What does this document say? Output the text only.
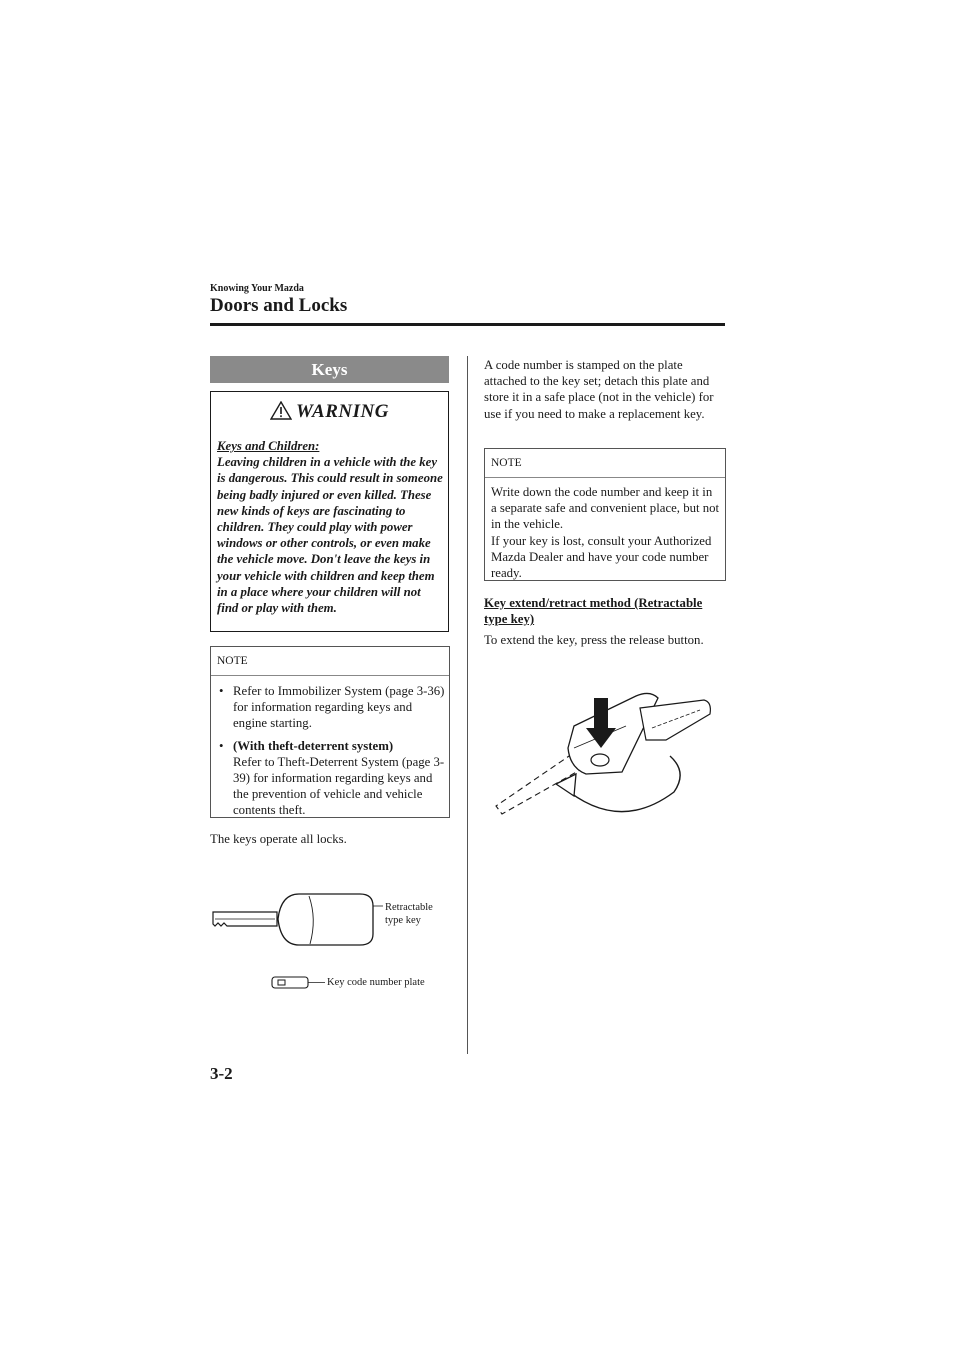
Knowing Your Mazda
Doors and Locks
Keys
WARNING
Keys and Children:
Leaving children in a vehicle with the key is dangerous. This could result in someone being badly injured or even killed. These new kinds of keys are fascinating to children. They could play with power windows or other controls, or even make the vehicle move. Don't leave the keys in your vehicle with children and keep them in a place where your children will not find or play with them.
NOTE
• Refer to Immobilizer System (page 3-36) for information regarding keys and engine starting.
• (With theft-deterrent system)
Refer to Theft-Deterrent System (page 3-39) for information regarding keys and the prevention of vehicle and vehicle contents theft.
The keys operate all locks.
Retractable
type key
Key code number plate
A code number is stamped on the plate attached to the key set; detach this plate and store it in a safe place (not in the vehicle) for use if you need to make a replacement key.
NOTE
Write down the code number and keep it in a separate safe and convenient place, but not in the vehicle.
If your key is lost, consult your Authorized Mazda Dealer and have your code number ready.
Key extend/retract method (Retractable type key)
To extend the key, press the release button.
3-2
